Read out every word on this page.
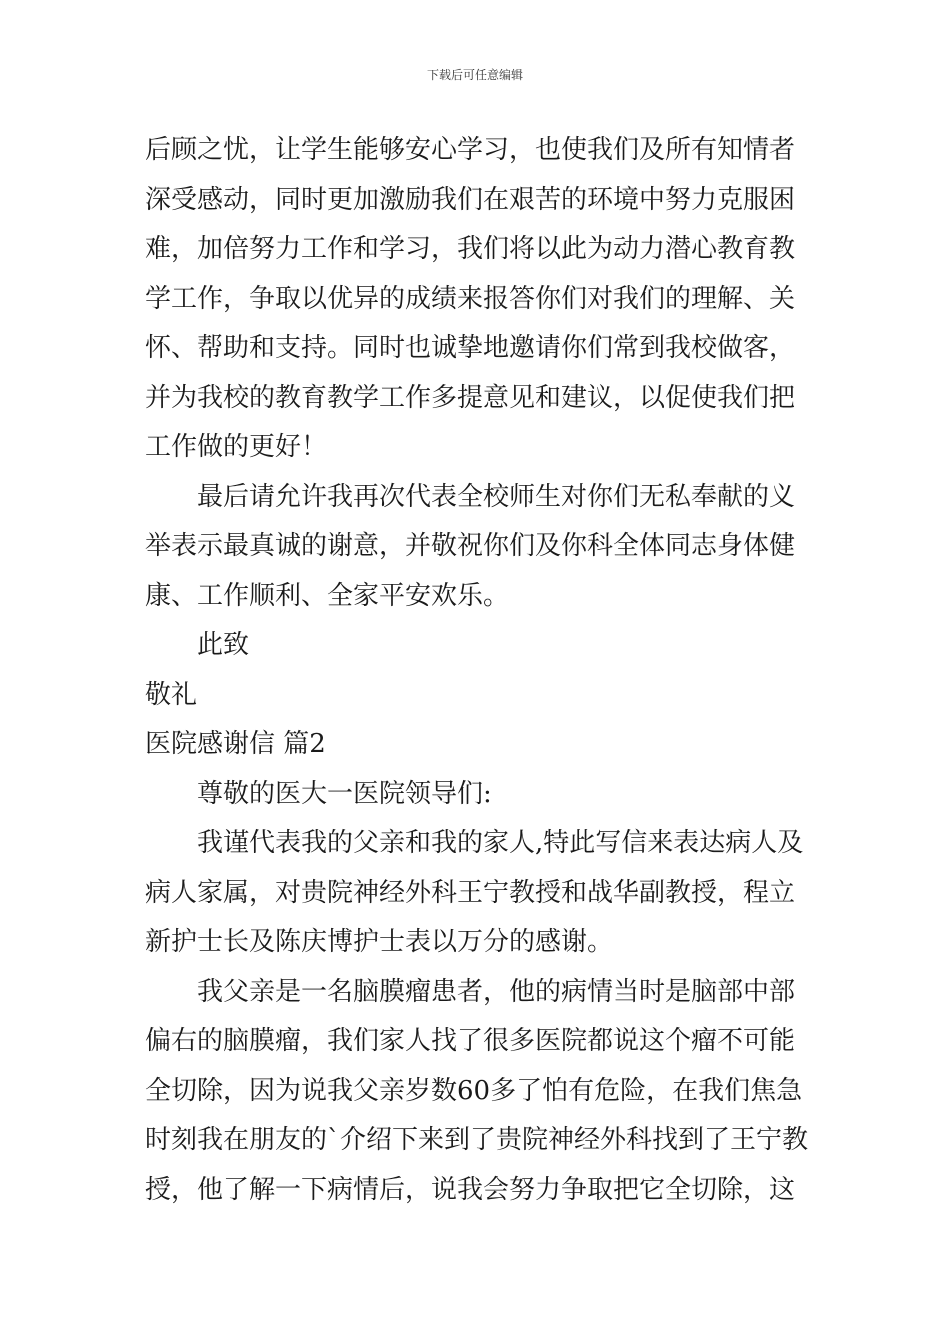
下载后可任意编辑
后顾之忧，让学生能够安心学习，也使我们及所有知情者
深受感动，同时更加激励我们在艰苦的环境中努力克服困
难，加倍努力工作和学习，我们将以此为动力潜心教育教
学工作，争取以优异的成绩来报答你们对我们的理解、关
怀、帮助和支持。同时也诚挚地邀请你们常到我校做客，
并为我校的教育教学工作多提意见和建议，以促使我们把
工作做的更好！
最后请允许我再次代表全校师生对你们无私奉献的义
举表示最真诚的谢意，并敬祝你们及你科全体同志身体健
康、工作顺利、全家平安欢乐。
此致
敬礼
医院感谢信 篇2
尊敬的医大一医院领导们:
我谨代表我的父亲和我的家人,特此写信来表达病人及
病人家属，对贵院神经外科王宁教授和战华副教授，程立
新护士长及陈庆博护士表以万分的感谢。
我父亲是一名脑膜瘤患者，他的病情当时是脑部中部
偏右的脑膜瘤，我们家人找了很多医院都说这个瘤不可能
全切除，因为说我父亲岁数60多了怕有危险，在我们焦急
时刻我在朋友的`介绍下来到了贵院神经外科找到了王宁教
授，他了解一下病情后，说我会努力争取把它全切除，这
